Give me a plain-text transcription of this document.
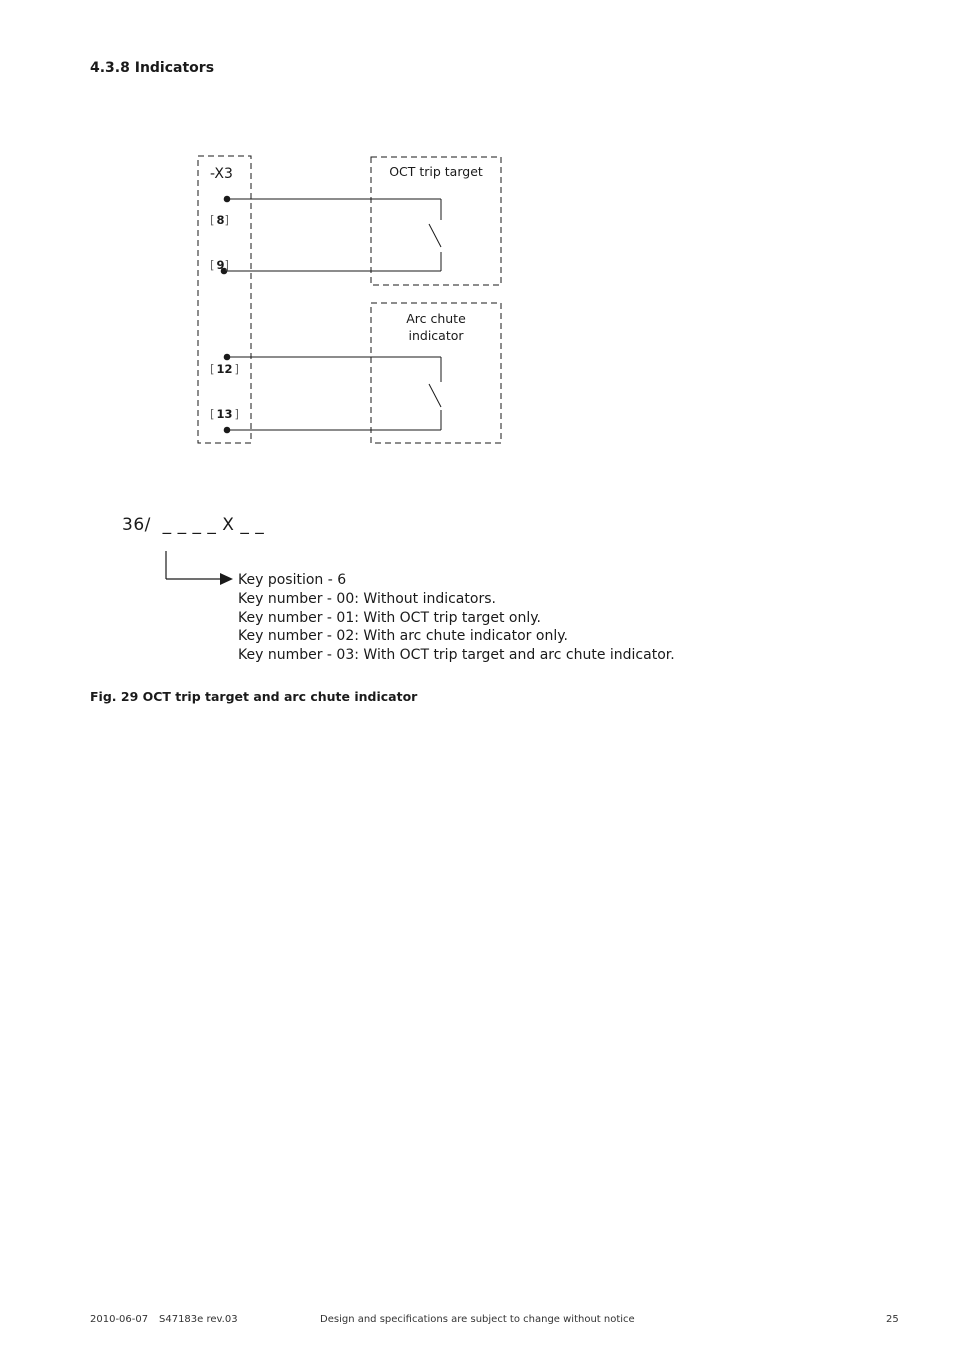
4.3.8 Indicators
-X3	OCT trip target
Arc chute
indicator
[ 8]
[ 9]
[ 12 ]
[ 13 ]
36/  _ _ _ _ X _ _
Key position - 6
Key number - 00: Without indicators.
Key number - 01: With OCT trip target only.
Key number - 02: With arc chute indicator only.
Key number - 03: With OCT trip target and arc chute indicator.
Fig. 29 OCT trip target and arc chute indicator
2010-06-07 S47183e rev.03	Design and specifications are subject to change without notice	25
